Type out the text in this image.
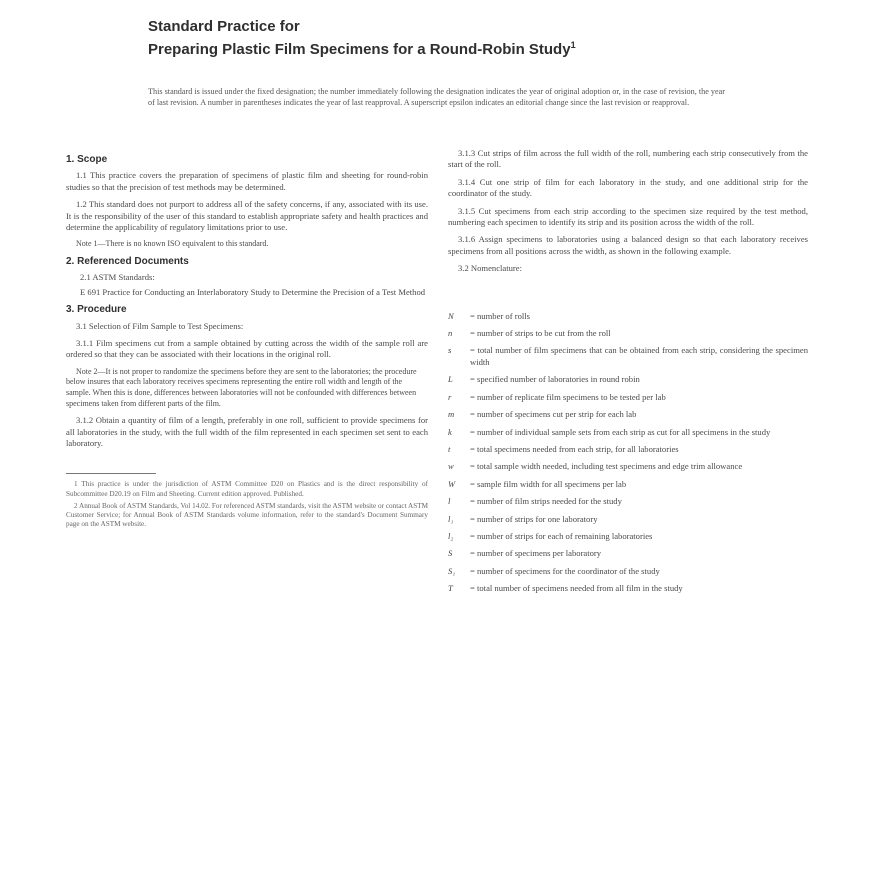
Standard Practice for
Preparing Plastic Film Specimens for a Round-Robin Study$^1$
This standard is issued under the fixed designation; the number immediately following the designation indicates the year of original adoption or, in the case of revision, the year of last revision. A number in parentheses indicates the year of last reapproval. A superscript epsilon indicates an editorial change since the last revision or reapproval.
1. Scope

1.1 This practice covers the preparation of specimens of plastic film and sheeting for round-robin studies so that the precision of test methods may be determined.

1.2 This standard does not purport to address all of the safety concerns, if any, associated with its use. It is the responsibility of the user of this standard to establish appropriate safety and health practices and determine the applicability of regulatory limitations prior to use.

Note 1—There is no known ISO equivalent to this standard.

2. Referenced Documents

2.1 ASTM Standards:

E 691 Practice for Conducting an Interlaboratory Study to Determine the Precision of a Test Method

3. Procedure

3.1 Selection of Film Sample to Test Specimens:

3.1.1 Film specimens cut from a sample obtained by cutting across the width of the sample roll are ordered so that they can be associated with their locations in the original roll.

Note 2—It is not proper to randomize the specimens before they are sent to the laboratories; the procedure below insures that each laboratory receives specimens representing the entire roll width and length of the sample. When this is done, differences between laboratories will not be confounded with differences between specimens taken from different parts of the film.

3.1.2 Obtain a quantity of film of a length, preferably in one roll, sufficient to provide specimens for all laboratories in the study, with the full width of the film represented in each specimen set sent to each laboratory.

1 This practice is under the jurisdiction of ASTM Committee D20 on Plastics and is the direct responsibility of Subcommittee D20.19 on Film and Sheeting. Current edition approved. Published.

2 Annual Book of ASTM Standards, Vol 14.02. For referenced ASTM standards, visit the ASTM website or contact ASTM Customer Service; for Annual Book of ASTM Standards volume information, refer to the standard's Document Summary page on the ASTM website.

3.1.3 Cut strips of film across the full width of the roll, numbering each strip consecutively from the start of the roll.

3.1.4 Cut one strip of film for each laboratory in the study, and one additional strip for the coordinator of the study.

3.1.5 Cut specimens from each strip according to the specimen size required by the test method, numbering each specimen to identify its strip and its position across the width of the roll.

3.1.6 Assign specimens to laboratories using a balanced design so that each laboratory receives specimens from all positions across the width, as shown in the following example.

3.2 Nomenclature:

N	= number of rolls
n	= number of strips to be cut from the roll
s	= total number of film specimens that can be obtained from each strip, considering the specimen width
L	= specified number of laboratories in round robin
r	= number of replicate film specimens to be tested per lab
m	= number of specimens cut per strip for each lab
k	= number of individual sample sets from each strip as cut for all specimens in the study
t	= total specimens needed from each strip, for all laboratories
w	= total sample width needed, including test specimens and edge trim allowance
W	= sample film width for all specimens per lab
l	= number of film strips needed for the study
l₁	= number of strips for one laboratory
l₂	= number of strips for each of remaining laboratories
S	= number of specimens per laboratory
S₁	= number of specimens for the coordinator of the study
T	= total number of specimens needed from all film in the study
